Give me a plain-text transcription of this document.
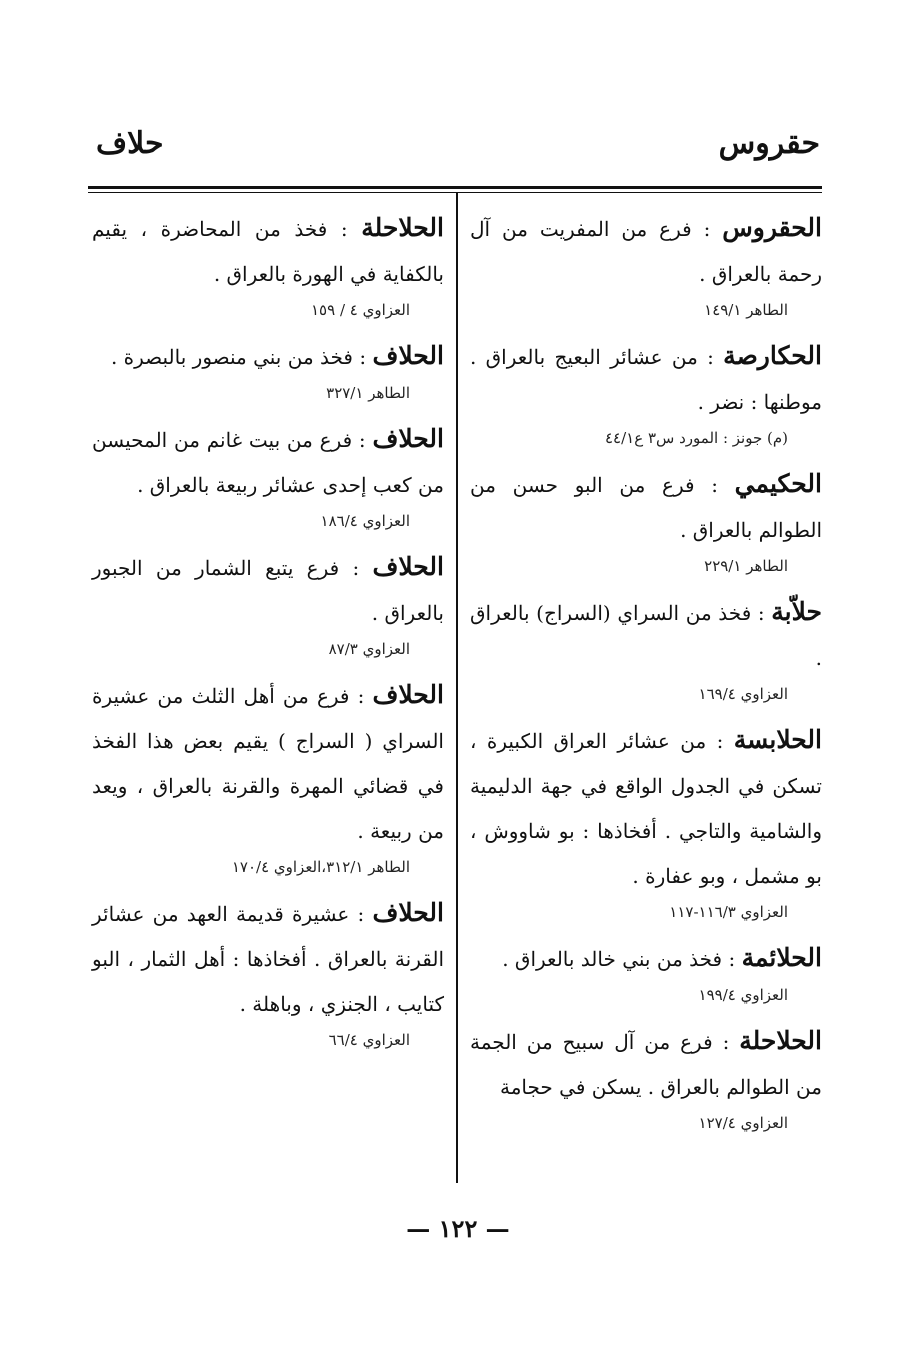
حقروس
حلاف
الحقروس : فرع من المفريت من آل رحمة بالعراق .
الطاهر ١٤٩/١
الحكارصة : من عشائر البعيج بالعراق . موطنها : نضر .
(م) جونز : المورد س٣ ع٤٤/١
الحكيمي : فرع من البو حسن من الطوالم بالعراق .
الطاهر ٢٢٩/١
حلاّبة : فخذ من السراي (السراج) بالعراق .
العزاوي ١٦٩/٤
الحلابسة : من عشائر العراق الكبيرة ، تسكن في الجدول الواقع في جهة الدليمية والشامية والتاجي . أفخاذها : بو شاووش ، بو مشمل ، وبو عفارة .
العزاوي ١١٦/٣-١١٧
الحلائمة : فخذ من بني خالد بالعراق .
العزاوي ١٩٩/٤
الحلاحلة : فرع من آل سبيح من الجمة من الطوالم بالعراق . يسكن في حجامة
العزاوي ١٢٧/٤
الحلاحلة : فخذ من المحاضرة ، يقيم بالكفاية في الهورة بالعراق .
العزاوي ٤ / ١٥٩
الحلاف : فخذ من بني منصور بالبصرة .
الطاهر ٣٢٧/١
الحلاف : فرع من بيت غانم من المحيسن من كعب إحدى عشائر ربيعة بالعراق .
العزاوي ١٨٦/٤
الحلاف : فرع يتبع الشمار من الجبور بالعراق .
العزاوي ٨٧/٣
الحلاف : فرع من أهل الثلث من عشيرة السراي ( السراج ) يقيم بعض هذا الفخذ في قضائي المهرة والقرنة بالعراق ، ويعد من ربيعة .
الطاهر ٣١٢/١،العزاوي ١٧٠/٤
الحلاف : عشيرة قديمة العهد من عشائر القرنة بالعراق . أفخاذها : أهل الثمار ، البو كتايب ، الجنزي ، وباهلة .
العزاوي ٦٦/٤
— ١٢٢ —
